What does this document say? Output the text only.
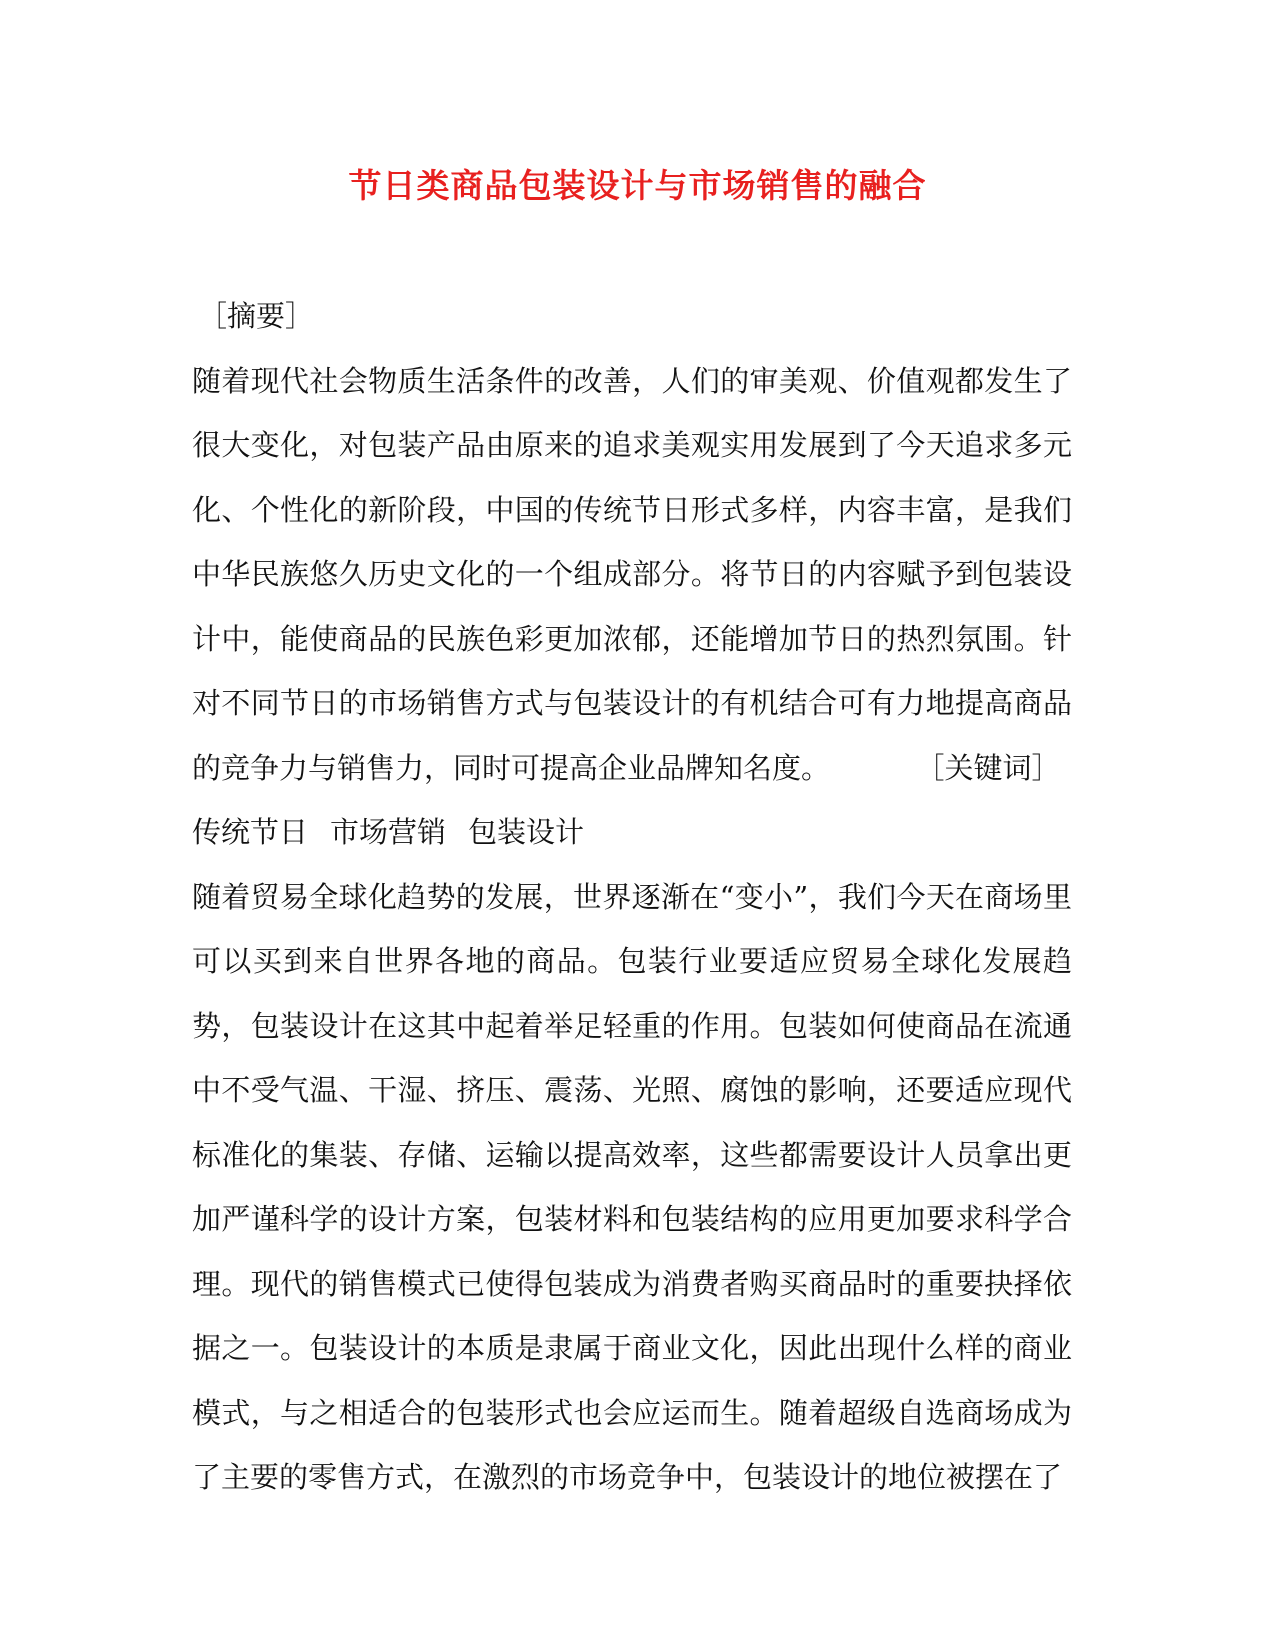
节日类商品包装设计与市场销售的融合
［摘要］
随着现代社会物质生活条件的改善，人们的审美观、价值观都发生了很大变化，对包装产品由原来的追求美观实用发展到了今天追求多元化、个性化的新阶段，中国的传统节日形式多样，内容丰富，是我们中华民族悠久历史文化的一个组成部分。将节日的内容赋予到包装设计中，能使商品的民族色彩更加浓郁，还能增加节日的热烈氛围。针对不同节日的市场销售方式与包装设计的有机结合可有力地提高商品的竞争力与销售力，同时可提高企业品牌知名度。	［关键词］
传统节日 市场营销 包装设计
随着贸易全球化趋势的发展，世界逐渐在“变小”，我们今天在商场里可以买到来自世界各地的商品。包装行业要适应贸易全球化发展趋势，包装设计在这其中起着举足轻重的作用。包装如何使商品在流通中不受气温、干湿、挤压、震荡、光照、腐蚀的影响，还要适应现代标准化的集装、存储、运输以提高效率，这些都需要设计人员拿出更加严谨科学的设计方案，包装材料和包装结构的应用更加要求科学合理。现代的销售模式已使得包装成为消费者购买商品时的重要抉择依据之一。包装设计的本质是隶属于商业文化，因此出现什么样的商业模式，与之相适合的包装形式也会应运而生。随着超级自选商场成为了主要的零售方式，在激烈的市场竞争中，包装设计的地位被摆在了
